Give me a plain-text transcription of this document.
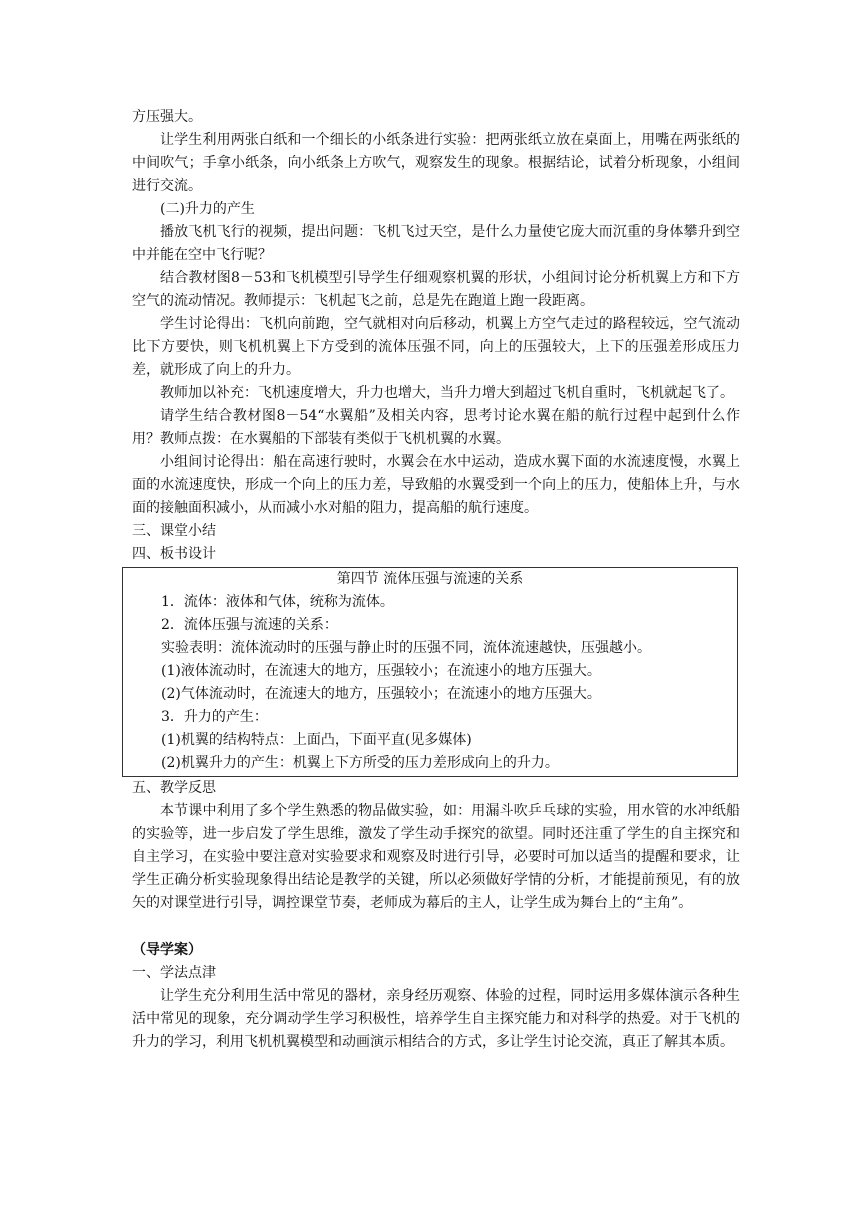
方压强大。

让学生利用两张白纸和一个细长的小纸条进行实验：把两张纸立放在桌面上，用嘴在两张纸的中间吹气；手拿小纸条，向小纸条上方吹气，观察发生的现象。根据结论，试着分析现象，小组间进行交流。

(二)升力的产生

播放飞机飞行的视频，提出问题：飞机飞过天空，是什么力量使它庞大而沉重的身体攀升到空中并能在空中飞行呢？

结合教材图8－53和飞机模型引导学生仔细观察机翼的形状，小组间讨论分析机翼上方和下方空气的流动情况。教师提示：飞机起飞之前，总是先在跑道上跑一段距离。

学生讨论得出：飞机向前跑，空气就相对向后移动，机翼上方空气走过的路程较远，空气流动比下方要快，则飞机机翼上下方受到的流体压强不同，向上的压强较大，上下的压强差形成压力差，就形成了向上的升力。

教师加以补充：飞机速度增大，升力也增大，当升力增大到超过飞机自重时，飞机就起飞了。

请学生结合教材图8－54“水翼船”及相关内容，思考讨论水翼在船的航行过程中起到什么作用？教师点拨：在水翼船的下部装有类似于飞机机翼的水翼。

小组间讨论得出：船在高速行驶时，水翼会在水中运动，造成水翼下面的水流速度慢，水翼上面的水流速度快，形成一个向上的压力差，导致船的水翼受到一个向上的压力，使船体上升，与水面的接触面积减小，从而减小水对船的阻力，提高船的航行速度。

三、课堂小结

四、板书设计

第四节 流体压强与流速的关系
1．流体：液体和气体，统称为流体。
2．流体压强与流速的关系：
实验表明：流体流动时的压强与静止时的压强不同，流体流速越快，压强越小。
(1)液体流动时，在流速大的地方，压强较小；在流速小的地方压强大。
(2)气体流动时，在流速大的地方，压强较小；在流速小的地方压强大。
3．升力的产生：
(1)机翼的结构特点：上面凸，下面平直(见多媒体)
(2)机翼升力的产生：机翼上下方所受的压力差形成向上的升力。

五、教学反思

本节课中利用了多个学生熟悉的物品做实验，如：用漏斗吹乒乓球的实验，用水管的水冲纸船的实验等，进一步启发了学生思维，激发了学生动手探究的欲望。同时还注重了学生的自主探究和自主学习，在实验中要注意对实验要求和观察及时进行引导，必要时可加以适当的提醒和要求，让学生正确分析实验现象得出结论是教学的关键，所以必须做好学情的分析，才能提前预见，有的放矢的对课堂进行引导，调控课堂节奏，老师成为幕后的主人，让学生成为舞台上的“主角”。

（导学案）

一、学法点津

让学生充分利用生活中常见的器材，亲身经历观察、体验的过程，同时运用多媒体演示各种生活中常见的现象，充分调动学生学习积极性，培养学生自主探究能力和对科学的热爱。对于飞机的升力的学习，利用飞机机翼模型和动画演示相结合的方式，多让学生讨论交流，真正了解其本质。
